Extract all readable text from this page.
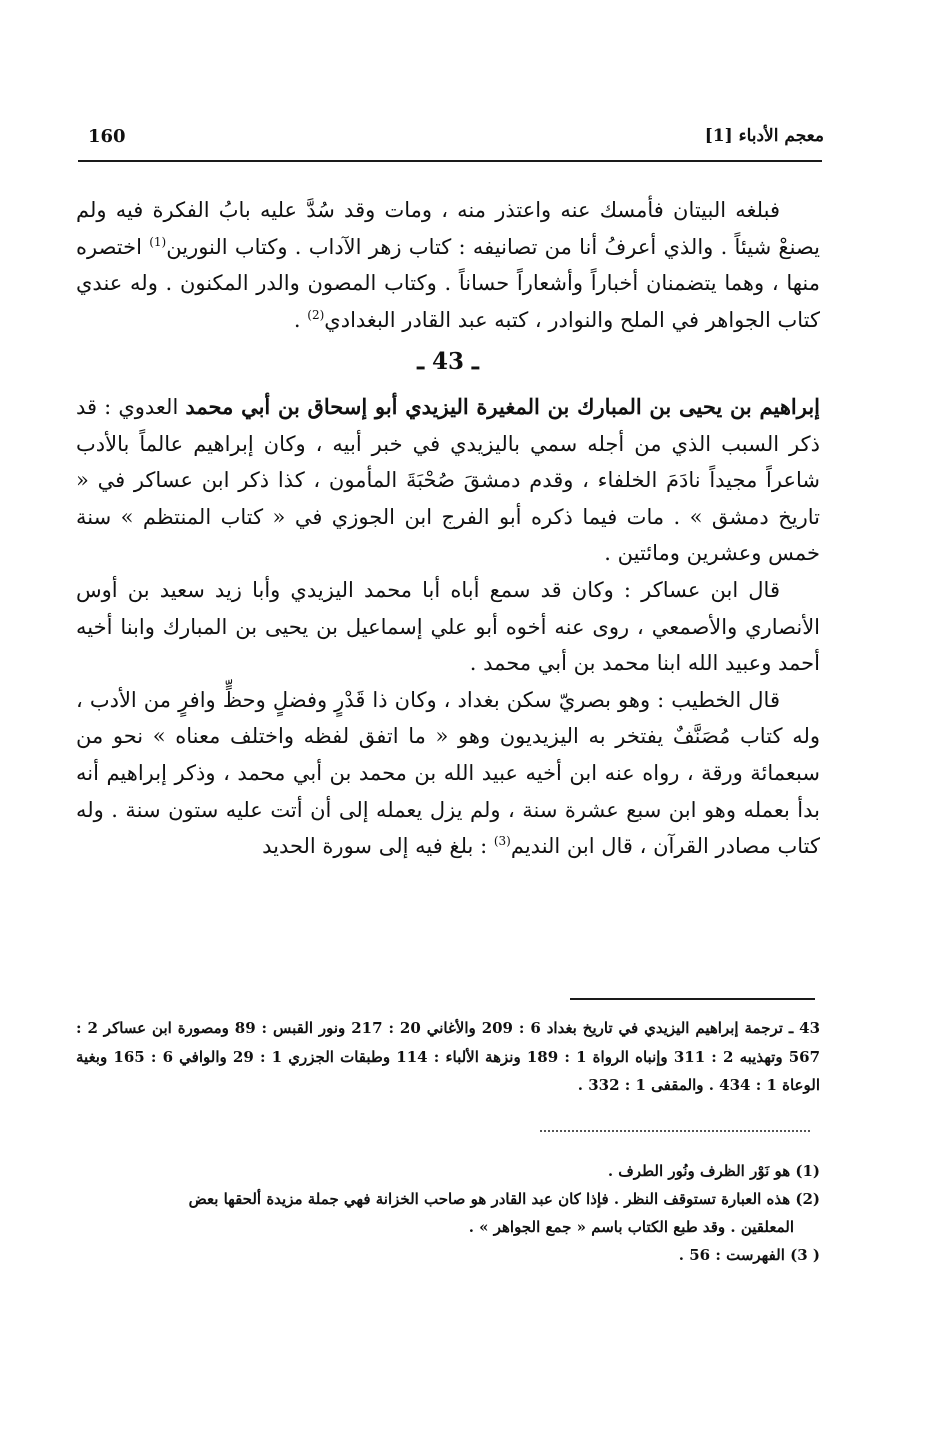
معجم الأدباء [1]
160

فبلغه البيتان فأمسك عنه واعتذر منه ، ومات وقد سُدَّ عليه بابُ الفكرة فيه ولم يصنعْ شيئاً . والذي أعرفُ أنا من تصانيفه : كتاب زهر الآداب . وكتاب النورين$^{(1)}$ اختصره منها ، وهما يتضمنان أخباراً وأشعاراً حساناً . وكتاب المصون والدر المكنون . وله عندي كتاب الجواهر في الملح والنوادر ، كتبه عبد القادر البغدادي$^{(2)}$ .

ـ 43 ـ

إبراهيم بن يحيى بن المبارك بن المغيرة اليزيدي أبو إسحاق بن أبي محمد العدوي : قد ذكر السبب الذي من أجله سمي باليزيدي في خبر أبيه ، وكان إبراهيم عالماً بالأدب شاعراً مجيداً نادَمَ الخلفاء ، وقدم دمشقَ صُحْبَةَ المأمون ، كذا ذكر ابن عساكر في « تاريخ دمشق » . مات فيما ذكره أبو الفرج ابن الجوزي في « كتاب المنتظم » سنة خمس وعشرين ومائتين .

قال ابن عساكر : وكان قد سمع أباه أبا محمد اليزيدي وأبا زيد سعيد بن أوس الأنصاري والأصمعي ، روى عنه أخوه أبو علي إسماعيل بن يحيى بن المبارك وابنا أخيه أحمد وعبيد الله ابنا محمد بن أبي محمد .

قال الخطيب : وهو بصريّ سكن بغداد ، وكان ذا قَدْرٍ وفضلٍ وحظٍّ وافرٍ من الأدب ، وله كتاب مُصَنَّفٌ يفتخر به اليزيديون وهو « ما اتفق لفظه واختلف معناه » نحو من سبعمائة ورقة ، رواه عنه ابن أخيه عبيد الله بن محمد بن أبي محمد ، وذكر إبراهيم أنه بدأ بعمله وهو ابن سبع عشرة سنة ، ولم يزل يعمله إلى أن أتت عليه ستون سنة . وله كتاب مصادر القرآن ، قال ابن النديم$^{(3)}$ : بلغ فيه إلى سورة الحديد

43 ـ ترجمة إبراهيم اليزيدي في تاريخ بغداد 6 : 209 والأغاني 20 : 217 ونور القبس : 89 ومصورة ابن عساكر 2 : 567 وتهذيبه 2 : 311 وإنباه الرواة 1 : 189 ونزهة الألباء : 114 وطبقات الجزري 1 : 29 والوافي 6 : 165 وبغية الوعاة 1 : 434 . والمقفى 1 : 332 .

(1) هو نَوْر الظرف ونُور الطرف .

(2) هذه العبارة تستوقف النظر . فإذا كان عبد القادر هو صاحب الخزانة فهي جملة مزيدة ألحقها بعض

المعلقين . وقد طبع الكتاب باسم « جمع الجواهر » .

( 3) الفهرست : 56 .
